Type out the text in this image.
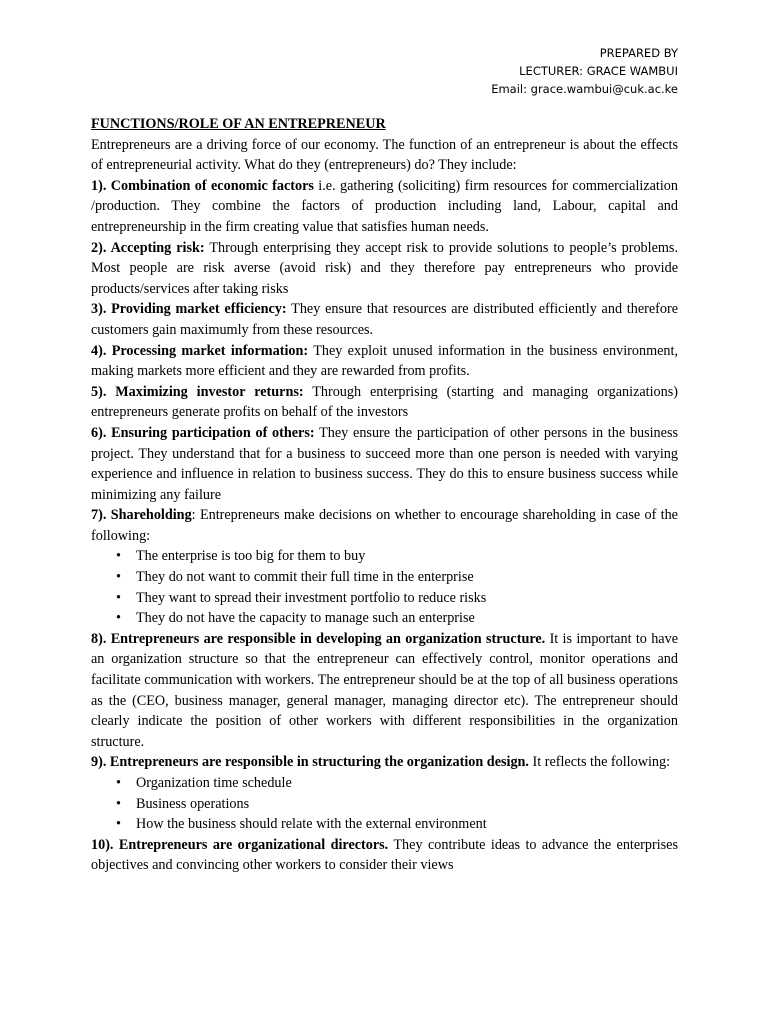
PREPARED BY
LECTURER: GRACE WAMBUI
Email: grace.wambui@cuk.ac.ke
FUNCTIONS/ROLE OF AN ENTREPRENEUR

Entrepreneurs are a driving force of our economy. The function of an entrepreneur is about the effects of entrepreneurial activity. What do they (entrepreneurs) do? They include:

1). Combination of economic factors i.e. gathering (soliciting) firm resources for commercialization /production. They combine the factors of production including land, Labour, capital and entrepreneurship in the firm creating value that satisfies human needs.

2). Accepting risk: Through enterprising they accept risk to provide solutions to people’s problems. Most people are risk averse (avoid risk) and they therefore pay entrepreneurs who provide products/services after taking risks

3). Providing market efficiency: They ensure that resources are distributed efficiently and therefore customers gain maximumly from these resources.

4). Processing market information: They exploit unused information in the business environment, making markets more efficient and they are rewarded from profits.

5). Maximizing investor returns: Through enterprising (starting and managing organizations) entrepreneurs generate profits on behalf of the investors

6). Ensuring participation of others: They ensure the participation of other persons in the business project. They understand that for a business to succeed more than one person is needed with varying experience and influence in relation to business success. They do this to ensure business success while minimizing any failure

7). Shareholding: Entrepreneurs make decisions on whether to encourage shareholding in case of the following:

• The enterprise is too big for them to buy
• They do not want to commit their full time in the enterprise
• They want to spread their investment portfolio to reduce risks
• They do not have the capacity to manage such an enterprise

8). Entrepreneurs are responsible in developing an organization structure. It is important to have an organization structure so that the entrepreneur can effectively control, monitor operations and facilitate communication with workers. The entrepreneur should be at the top of all business operations as the (CEO, business manager, general manager, managing director etc). The entrepreneur should clearly indicate the position of other workers with different responsibilities in the organization structure.

9). Entrepreneurs are responsible in structuring the organization design. It reflects the following:

• Organization time schedule
• Business operations
• How the business should relate with the external environment

10). Entrepreneurs are organizational directors. They contribute ideas to advance the enterprises objectives and convincing other workers to consider their views
